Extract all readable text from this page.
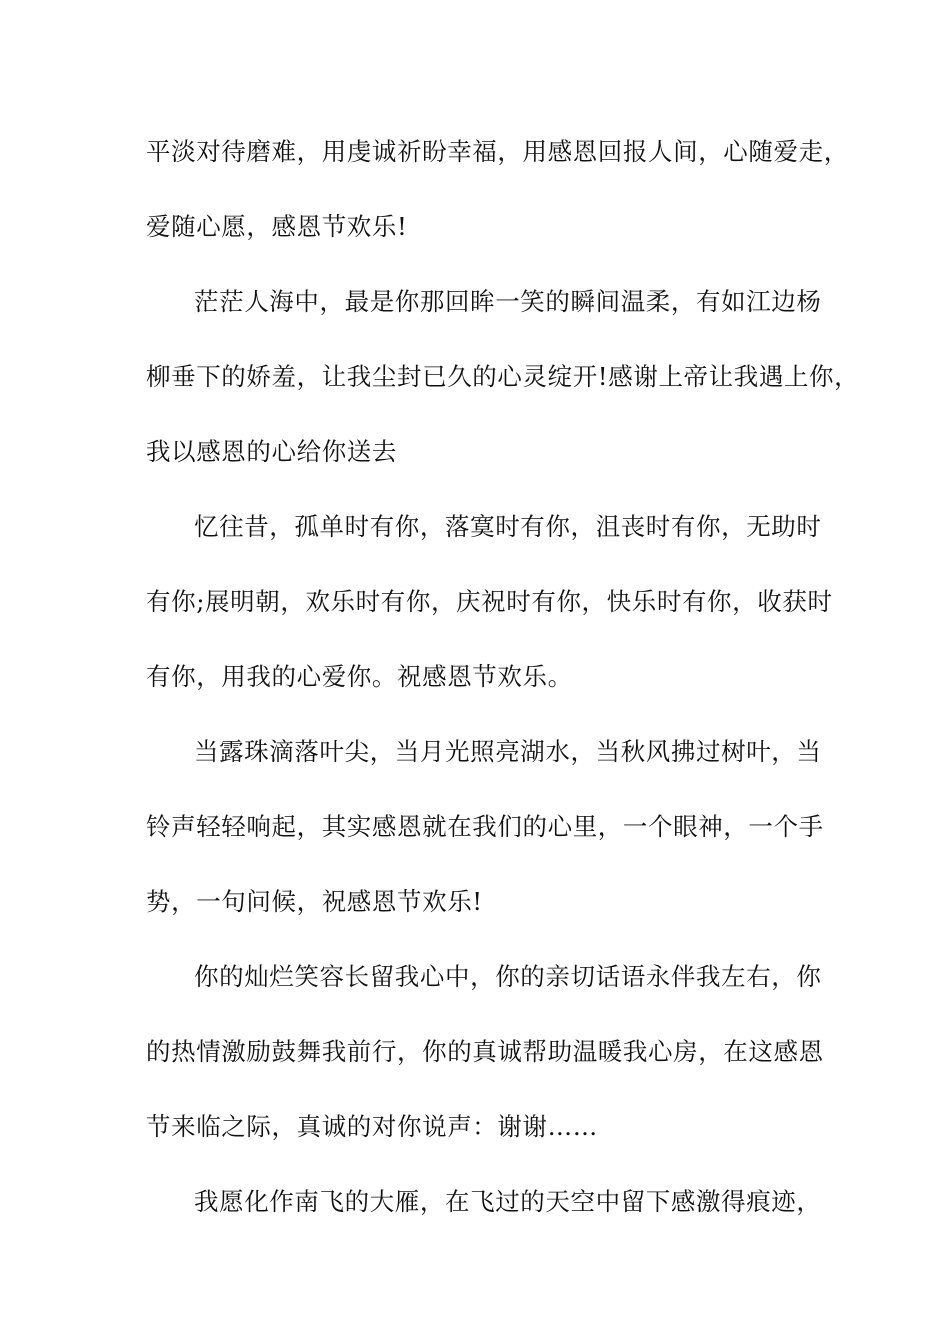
平淡对待磨难，用虔诚祈盼幸福，用感恩回报人间，心随爱走，
爱随心愿，感恩节欢乐!
茫茫人海中，最是你那回眸一笑的瞬间温柔，有如江边杨
柳垂下的娇羞，让我尘封已久的心灵绽开!感谢上帝让我遇上你，
我以感恩的心给你送去
忆往昔，孤单时有你，落寞时有你，沮丧时有你，无助时
有你;展明朝，欢乐时有你，庆祝时有你，快乐时有你，收获时
有你，用我的心爱你。祝感恩节欢乐。
当露珠滴落叶尖，当月光照亮湖水，当秋风拂过树叶，当
铃声轻轻响起，其实感恩就在我们的心里，一个眼神，一个手
势，一句问候，祝感恩节欢乐!
你的灿烂笑容长留我心中，你的亲切话语永伴我左右，你
的热情激励鼓舞我前行，你的真诚帮助温暖我心房，在这感恩
节来临之际，真诚的对你说声：谢谢……
我愿化作南飞的大雁，在飞过的天空中留下感激得痕迹，
